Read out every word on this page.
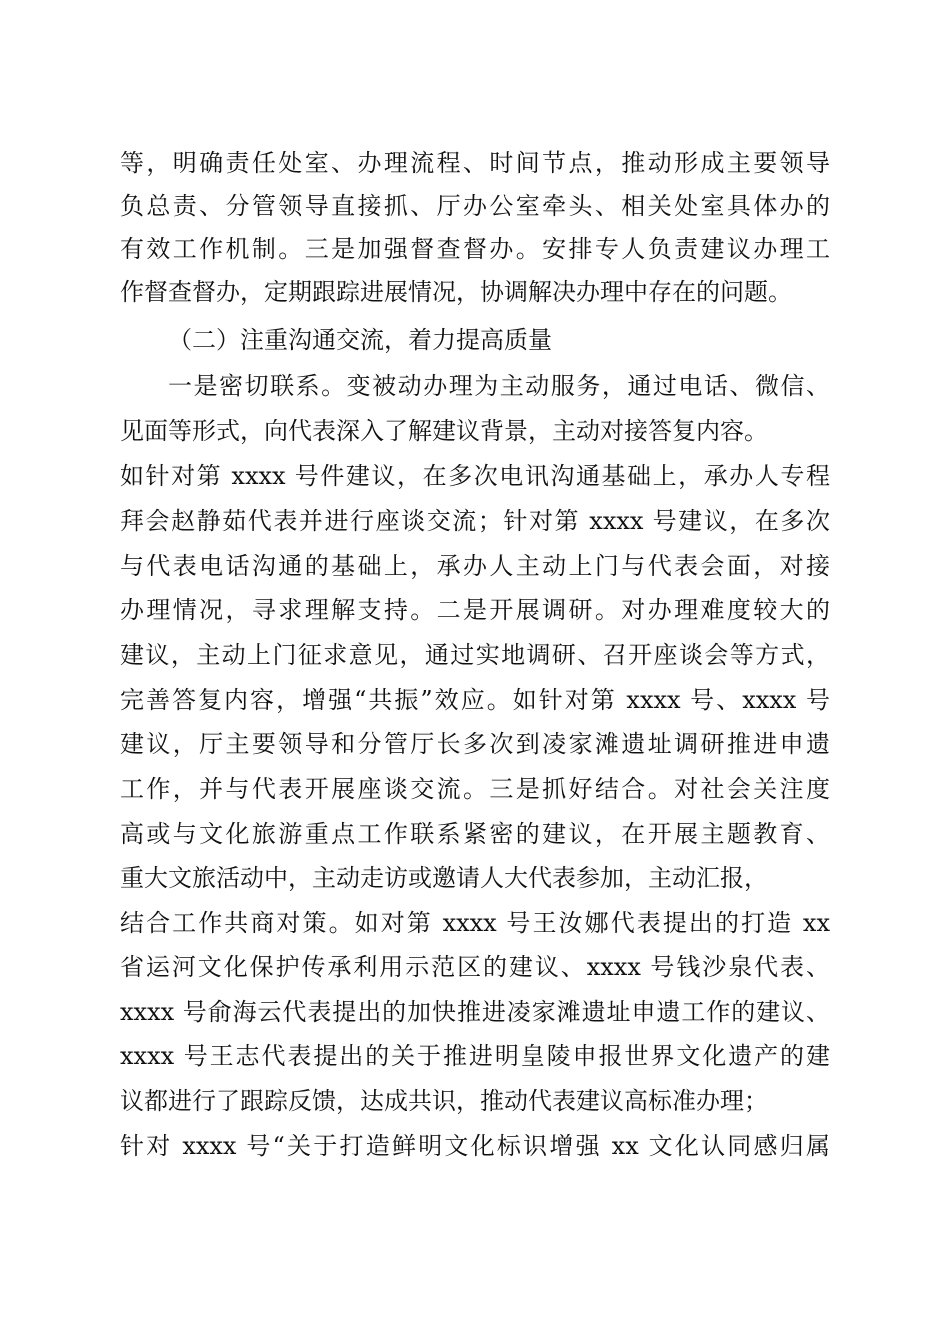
等，明确责任处室、办理流程、时间节点，推动形成主要领导
负总责、分管领导直接抓、厅办公室牵头、相关处室具体办的
有效工作机制。三是加强督查督办。安排专人负责建议办理工
作督查督办，定期跟踪进展情况，协调解决办理中存在的问题。
（二）注重沟通交流，着力提高质量
一是密切联系。变被动办理为主动服务，通过电话、微信、
见面等形式，向代表深入了解建议背景，主动对接答复内容。
如针对第 xxxx 号件建议，在多次电讯沟通基础上，承办人专程
拜会赵静茹代表并进行座谈交流；针对第 xxxx 号建议，在多次
与代表电话沟通的基础上，承办人主动上门与代表会面，对接
办理情况，寻求理解支持。二是开展调研。对办理难度较大的
建议，主动上门征求意见，通过实地调研、召开座谈会等方式，
完善答复内容，增强“共振”效应。如针对第 xxxx 号、xxxx 号
建议，厅主要领导和分管厅长多次到凌家滩遗址调研推进申遗
工作，并与代表开展座谈交流。三是抓好结合。对社会关注度
高或与文化旅游重点工作联系紧密的建议，在开展主题教育、
重大文旅活动中，主动走访或邀请人大代表参加，主动汇报，
结合工作共商对策。如对第 xxxx 号王汝娜代表提出的打造 xx
省运河文化保护传承利用示范区的建议、xxxx 号钱沙泉代表、
xxxx 号俞海云代表提出的加快推进凌家滩遗址申遗工作的建议、
xxxx 号王志代表提出的关于推进明皇陵申报世界文化遗产的建
议都进行了跟踪反馈，达成共识，推动代表建议高标准办理；
针对 xxxx 号“关于打造鲜明文化标识增强 xx 文化认同感归属
